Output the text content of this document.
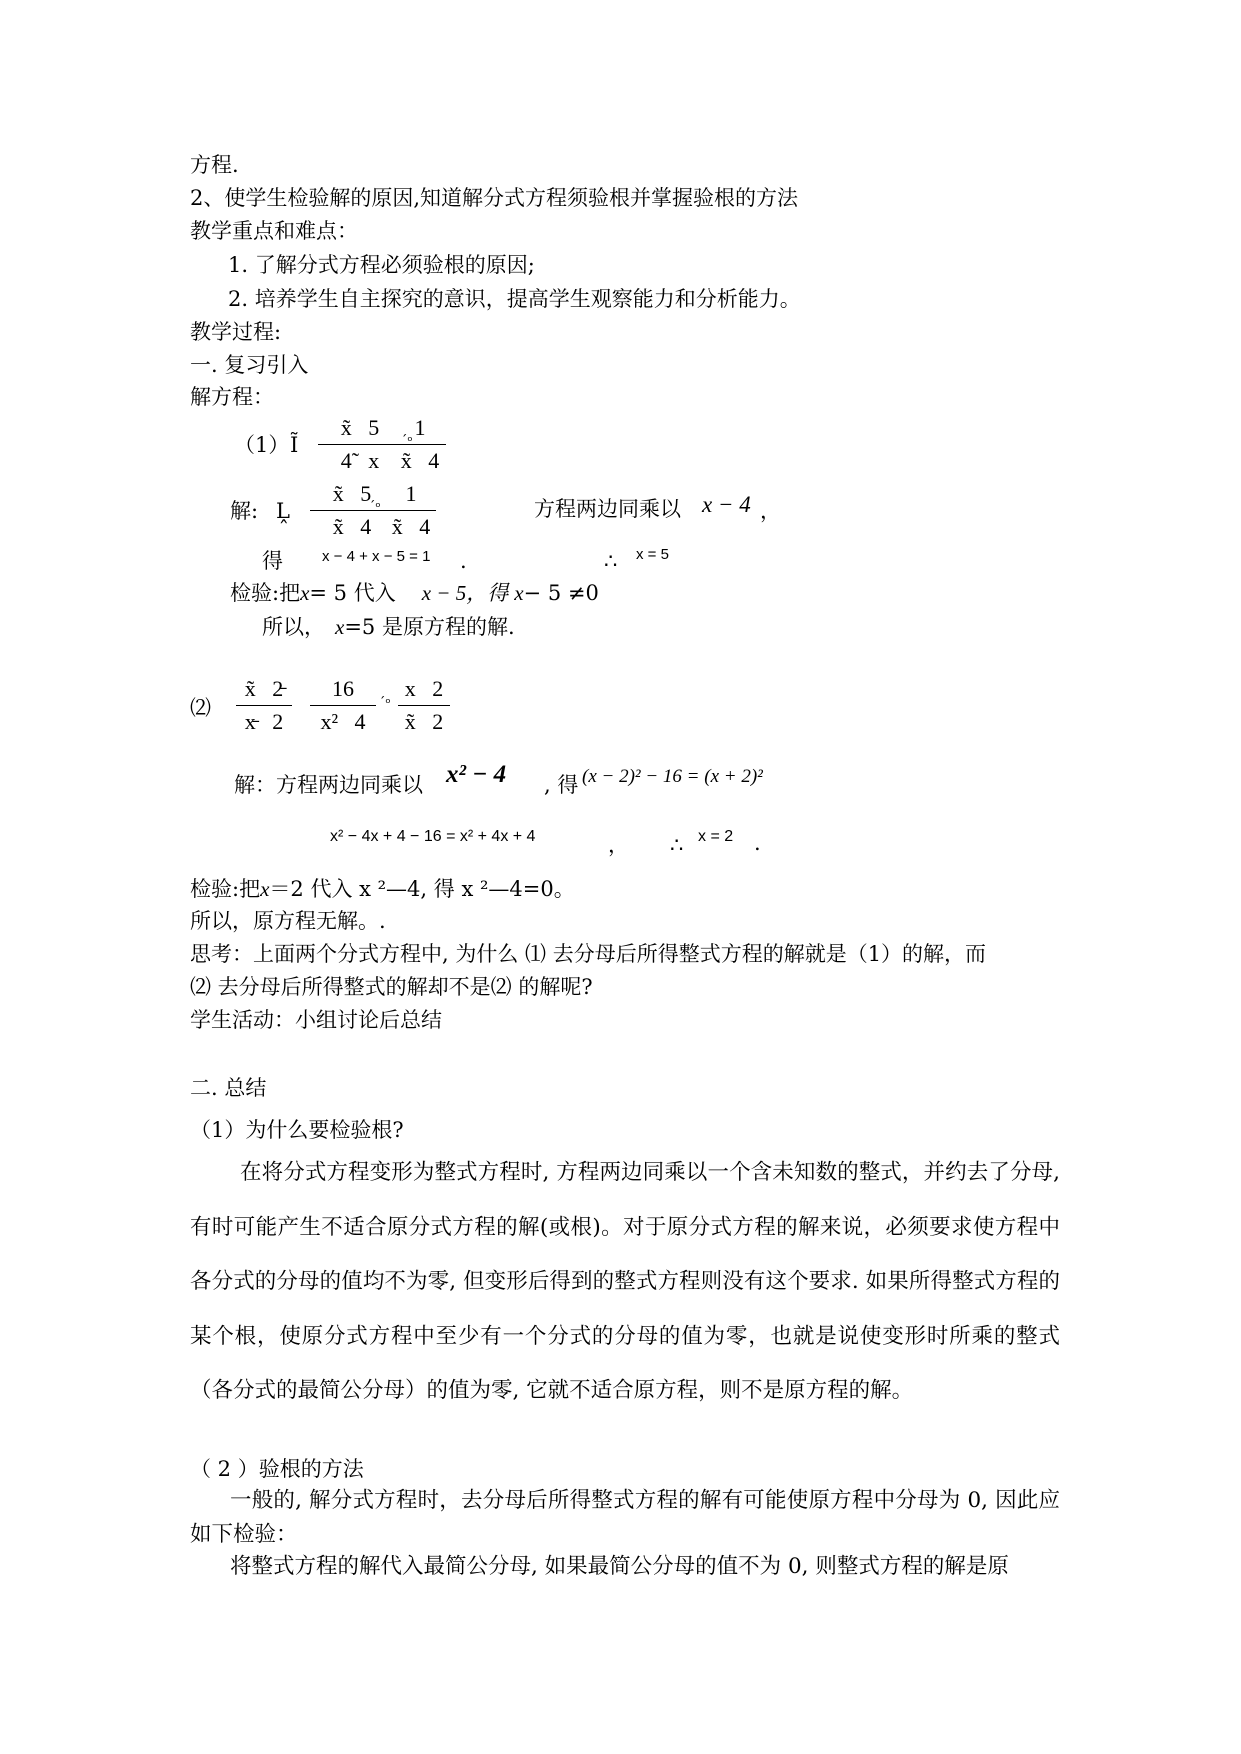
方程.
2、使学生检验解的原因,知道解分式方程须验根并掌握验根的方法
教学重点和难点：
1. 了解分式方程必须验根的原因;
2. 培养学生自主探究的意识，提高学生观察能力和分析能力。
教学过程:
一. 复习引入
解方程：
（1） Ĩ
x̃   5
4̃   x
׳ₒ 1
x̃   4
解: Ḽ
x̃   5
x̃   4
׳ₒ	1
x̃   4
方程两边同乘以 x − 4 ，
得	x − 4 + x − 5 = 1 .	∴ x = 5
检验:把x= 5 代入 x − 5，得 x− 5 ≠0
所以， x=5 是原方程的解.
⑵
x̃   2̵
x̵   2
16
x²   4
׳ₒ x   2
x̃   2
解：方程两边同乘以 x² − 4 , 得 (x − 2)² − 16 = (x + 2)²
x² − 4x + 4 − 16 = x² + 4x + 4	， ∴ x = 2 .
检验:把x＝2 代入 x ²—4, 得 x ²—4=0。
所以，原方程无解。.
思考：上面两个分式方程中, 为什么 ⑴ 去分母后所得整式方程的解就是（1）的解，而
⑵ 去分母后所得整式的解却不是⑵ 的解呢?
学生活动：小组讨论后总结
二. 总结
（1）为什么要检验根?
在将分式方程变形为整式方程时, 方程两边同乘以一个含未知数的整式，并约去了分母, 有时可能产生不适合原分式方程的解(或根)。对于原分式方程的解来说，必须要求使方程中各分式的分母的值均不为零, 但变形后得到的整式方程则没有这个要求. 如果所得整式方程的某个根，使原分式方程中至少有一个分式的分母的值为零，也就是说使变形时所乘的整式（各分式的最简公分母）的值为零, 它就不适合原方程，则不是原方程的解。
（ 2 ）验根的方法
一般的, 解分式方程时，去分母后所得整式方程的解有可能使原方程中分母为 0, 因此应如下检验：
将整式方程的解代入最简公分母, 如果最简公分母的值不为 0, 则整式方程的解是原
